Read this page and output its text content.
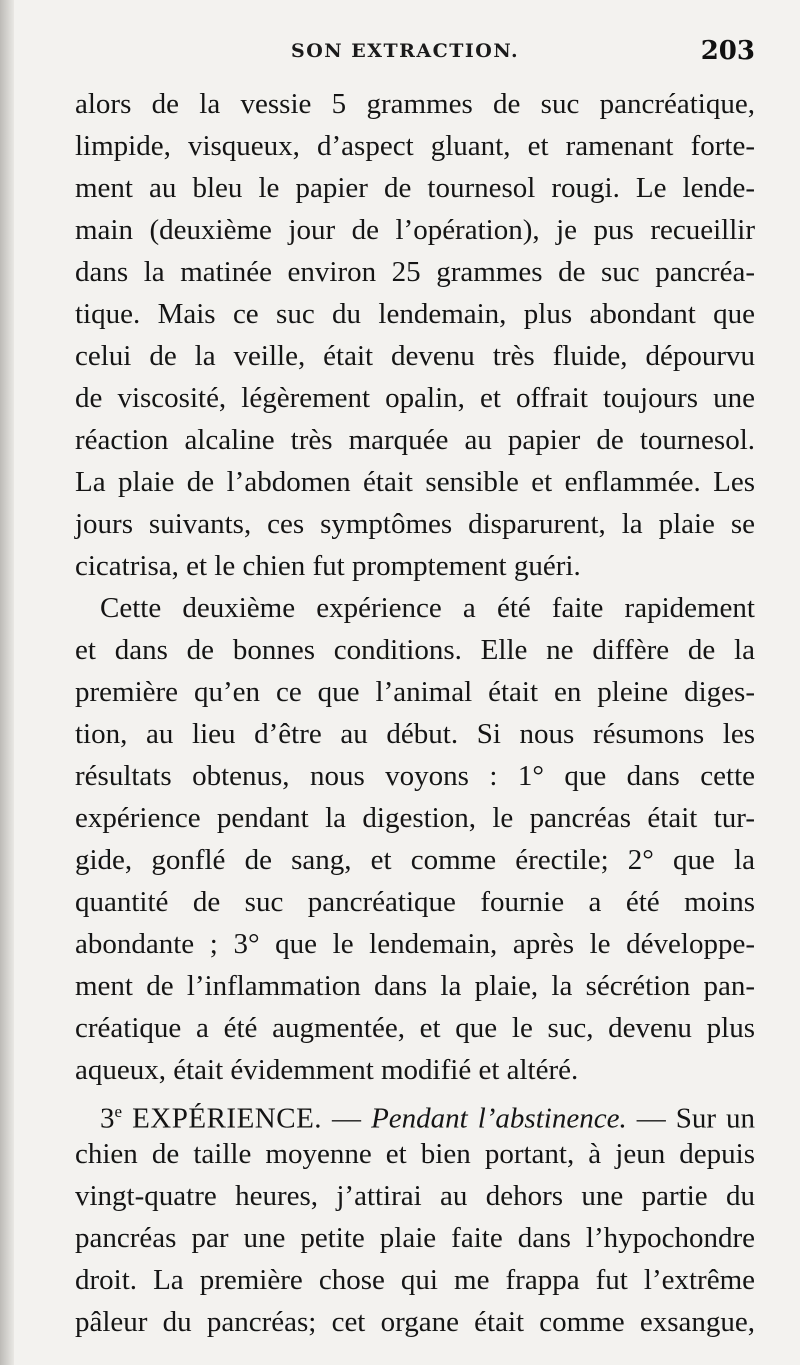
SON EXTRACTION.	203
alors de la vessie 5 grammes de suc pancréatique,
limpide, visqueux, d’aspect gluant, et ramenant forte-
ment au bleu le papier de tournesol rougi. Le lende-
main (deuxième jour de l’opération), je pus recueillir
dans la matinée environ 25 grammes de suc pancréa-
tique. Mais ce suc du lendemain, plus abondant que
celui de la veille, était devenu très fluide, dépourvu
de viscosité, légèrement opalin, et offrait toujours une
réaction alcaline très marquée au papier de tournesol.
La plaie de l’abdomen était sensible et enflammée. Les
jours suivants, ces symptômes disparurent, la plaie se
cicatrisa, et le chien fut promptement guéri.
Cette deuxième expérience a été faite rapidement
et dans de bonnes conditions. Elle ne diffère de la
première qu’en ce que l’animal était en pleine diges-
tion, au lieu d’être au début. Si nous résumons les
résultats obtenus, nous voyons : 1° que dans cette
expérience pendant la digestion, le pancréas était tur-
gide, gonflé de sang, et comme érectile; 2° que la
quantité de suc pancréatique fournie a été moins
abondante ; 3° que le lendemain, après le développe-
ment de l’inflammation dans la plaie, la sécrétion pan-
créatique a été augmentée, et que le suc, devenu plus
aqueux, était évidemment modifié et altéré.
3e EXPÉRIENCE. — Pendant l’abstinence. — Sur un
chien de taille moyenne et bien portant, à jeun depuis
vingt-quatre heures, j’attirai au dehors une partie du
pancréas par une petite plaie faite dans l’hypochondre
droit. La première chose qui me frappa fut l’extrême
pâleur du pancréas; cet organe était comme exsangue,
